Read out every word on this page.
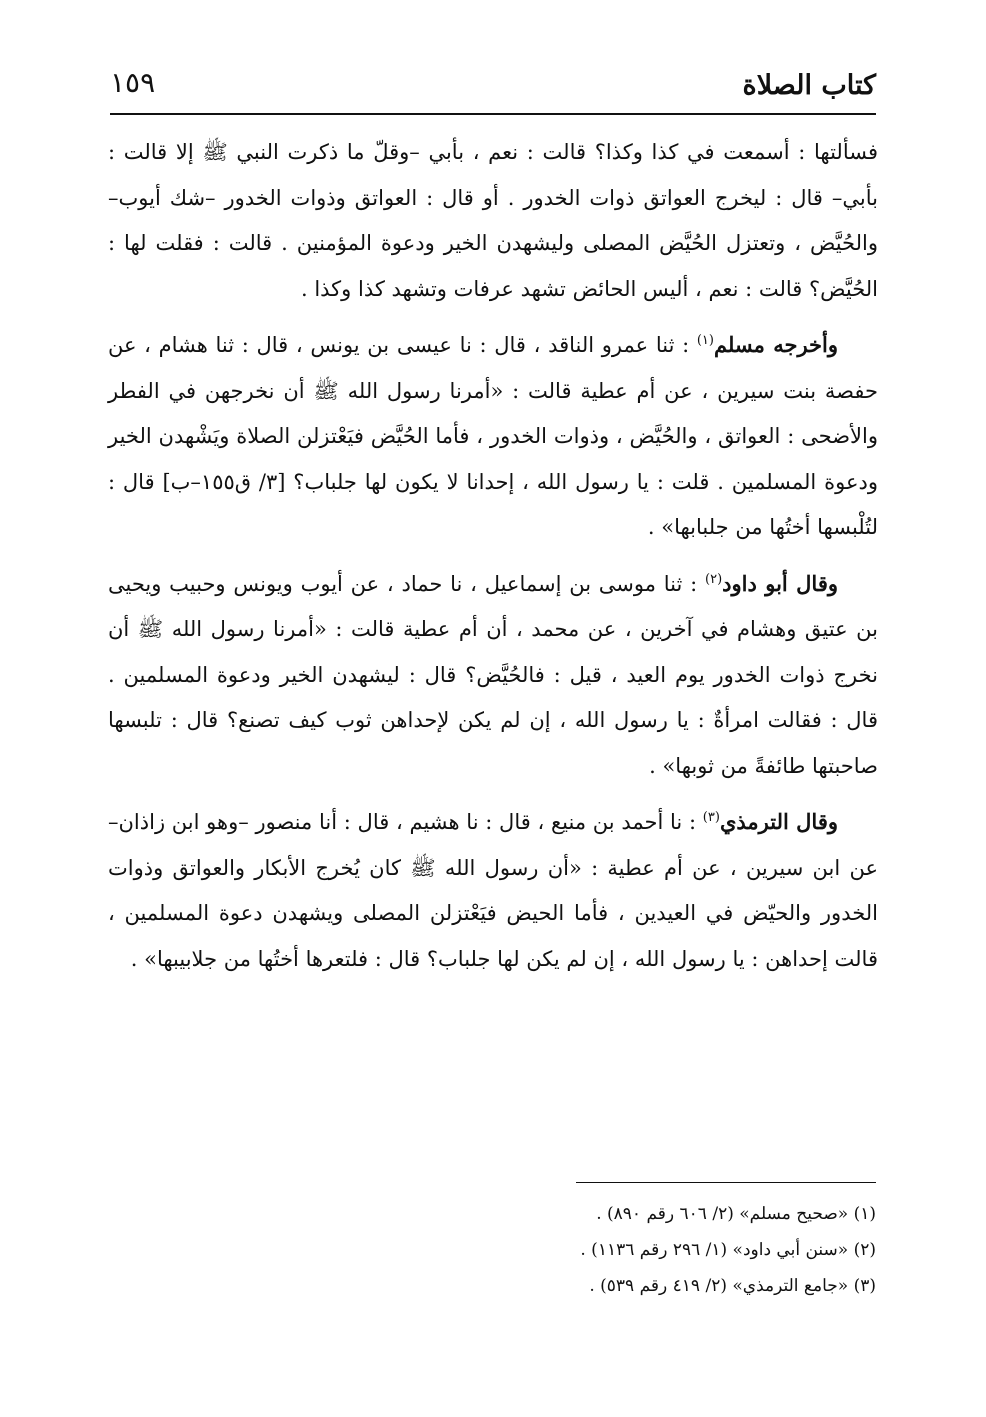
كتاب الصلاة
١٥٩

فسألتها : أسمعت في كذا وكذا؟ قالت : نعم ، بأبي –وقلّ ما ذكرت النبي ﷺ إلا قالت : بأبي– قال : ليخرج العواتق ذوات الخدور . أو قال : العواتق وذوات الخدور –شك أيوب– والحُيَّض ، وتعتزل الحُيَّض المصلى وليشهدن الخير ودعوة المؤمنين . قالت : فقلت لها : الحُيَّض؟ قالت : نعم ، أليس الحائض تشهد عرفات وتشهد كذا وكذا .

وأخرجه مسلم$^{(١)}$ : ثنا عمرو الناقد ، قال : نا عيسى بن يونس ، قال : ثنا هشام ، عن حفصة بنت سيرين ، عن أم عطية قالت : «أمرنا رسول الله ﷺ أن نخرجهن في الفطر والأضحى : العواتق ، والحُيَّض ، وذوات الخدور ، فأما الحُيَّض فيَعْتزلن الصلاة ويَشْهدن الخير ودعوة المسلمين . قلت : يا رسول الله ، إحدانا لا يكون لها جلباب؟ [٣/ ق١٥٥–ب] قال : لتُلْبسها أختُها من جلبابها» .

وقال أبو داود$^{(٢)}$ : ثنا موسى بن إسماعيل ، نا حماد ، عن أيوب ويونس وحبيب ويحيى بن عتيق وهشام في آخرين ، عن محمد ، أن أم عطية قالت : «أمرنا رسول الله ﷺ أن نخرج ذوات الخدور يوم العيد ، قيل : فالحُيَّض؟ قال : ليشهدن الخير ودعوة المسلمين . قال : فقالت امرأةٌ : يا رسول الله ، إن لم يكن لإحداهن ثوب كيف تصنع؟ قال : تلبسها صاحبتها طائفةً من ثوبها» .

وقال الترمذي$^{(٣)}$ : نا أحمد بن منيع ، قال : نا هشيم ، قال : أنا منصور –وهو ابن زاذان– عن ابن سيرين ، عن أم عطية : «أن رسول الله ﷺ كان يُخرج الأبكار والعواتق وذوات الخدور والحيّض في العيدين ، فأما الحيض فيَعْتزلن المصلى ويشهدن دعوة المسلمين ، قالت إحداهن : يا رسول الله ، إن لم يكن لها جلباب؟ قال : فلتعرها أختُها من جلابيبها» .

(١) «صحيح مسلم» (٢/ ٦٠٦ رقم ٨٩٠) .
(٢) «سنن أبي داود» (١/ ٢٩٦ رقم ١١٣٦) .
(٣) «جامع الترمذي» (٢/ ٤١٩ رقم ٥٣٩) .
